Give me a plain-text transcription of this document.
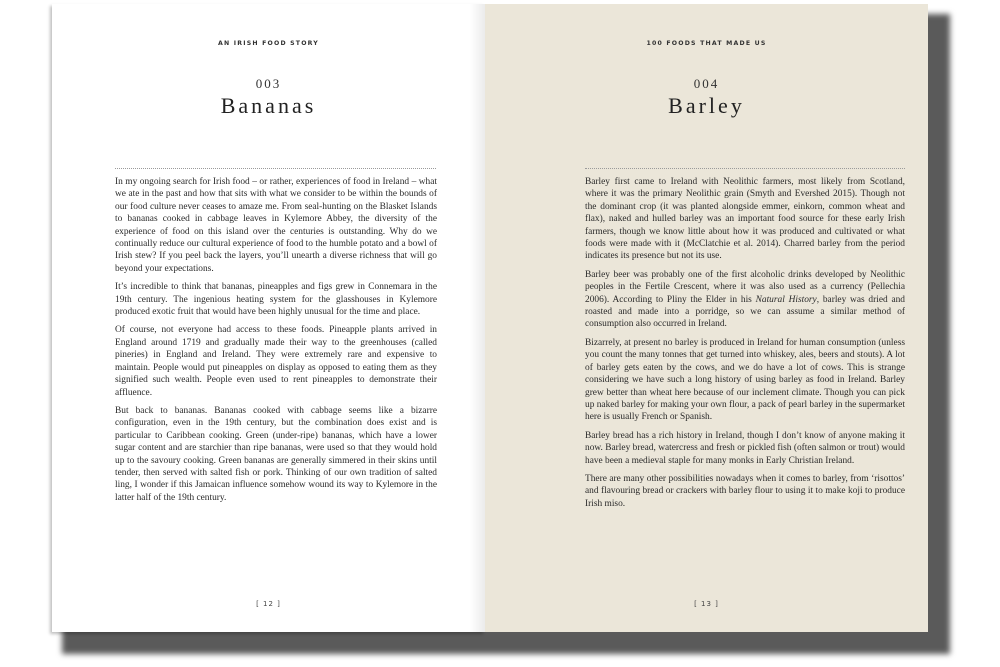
AN IRISH FOOD STORY
003
Bananas

In my ongoing search for Irish food – or rather, experiences of food in Ireland – what we ate in the past and how that sits with what we consider to be within the bounds of our food culture never ceases to amaze me. From seal-hunting on the Blasket Islands to bananas cooked in cabbage leaves in Kylemore Abbey, the diversity of the experience of food on this island over the centuries is outstanding. Why do we continually reduce our cultural experience of food to the humble potato and a bowl of Irish stew? If you peel back the layers, you’ll unearth a diverse richness that will go beyond your expectations.

It’s incredible to think that bananas, pineapples and figs grew in Connemara in the 19th century. The ingenious heating system for the glasshouses in Kylemore produced exotic fruit that would have been highly unusual for the time and place.

Of course, not everyone had access to these foods. Pineapple plants arrived in England around 1719 and gradually made their way to the greenhouses (called pineries) in England and Ireland. They were extremely rare and expensive to maintain. People would put pineapples on display as opposed to eating them as they signified such wealth. People even used to rent pineapples to demonstrate their affluence.

But back to bananas. Bananas cooked with cabbage seems like a bizarre configuration, even in the 19th century, but the combination does exist and is particular to Caribbean cooking. Green (under-ripe) bananas, which have a lower sugar content and are starchier than ripe bananas, were used so that they would hold up to the savoury cooking. Green bananas are generally simmered in their skins until tender, then served with salted fish or pork. Thinking of our own tradition of salted ling, I wonder if this Jamaican influence somehow wound its way to Kylemore in the latter half of the 19th century.

[ 12 ]
100 FOODS THAT MADE US
004
Barley

Barley first came to Ireland with Neolithic farmers, most likely from Scotland, where it was the primary Neolithic grain (Smyth and Evershed 2015). Though not the dominant crop (it was planted alongside emmer, einkorn, common wheat and flax), naked and hulled barley was an important food source for these early Irish farmers, though we know little about how it was produced and cultivated or what foods were made with it (McClatchie et al. 2014). Charred barley from the period indicates its presence but not its use.

Barley beer was probably one of the first alcoholic drinks developed by Neolithic peoples in the Fertile Crescent, where it was also used as a currency (Pellechia 2006). According to Pliny the Elder in his Natural History, barley was dried and roasted and made into a porridge, so we can assume a similar method of consumption also occurred in Ireland.

Bizarrely, at present no barley is produced in Ireland for human consumption (unless you count the many tonnes that get turned into whiskey, ales, beers and stouts). A lot of barley gets eaten by the cows, and we do have a lot of cows. This is strange considering we have such a long history of using barley as food in Ireland. Barley grew better than wheat here because of our inclement climate. Though you can pick up naked barley for making your own flour, a pack of pearl barley in the supermarket here is usually French or Spanish.

Barley bread has a rich history in Ireland, though I don’t know of anyone making it now. Barley bread, watercress and fresh or pickled fish (often salmon or trout) would have been a medieval staple for many monks in Early Christian Ireland.

There are many other possibilities nowadays when it comes to barley, from ‘risottos’ and flavouring bread or crackers with barley flour to using it to make koji to produce Irish miso.

[ 13 ]
